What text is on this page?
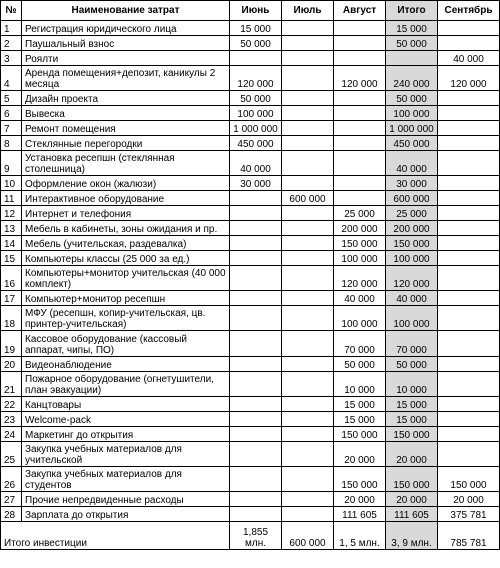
№	Наименование затрат	Июнь	Июль	Август	Итого	Сентябрь
1	Регистрация юридического лица	15 000			15 000	
2	Паушальный взнос	50 000			50 000	
3	Роялти					40 000
4	Аренда помещения+депозит, каникулы 2 месяца	120 000		120 000	240 000	120 000
5	Дизайн проекта	50 000			50 000	
6	Вывеска	100 000			100 000	
7	Ремонт помещения	1 000 000			1 000 000	
8	Стеклянные перегородки	450 000			450 000	
9	Установка ресепшн (стеклянная столешница)	40 000			40 000	
10	Оформление окон (жалюзи)	30 000			30 000	
11	Интерактивное оборудование		600 000		600 000	
12	Интернет и телефония			25 000	25 000	
13	Мебель в кабинеты, зоны ожидания и пр.			200 000	200 000	
14	Мебель (учительская, раздевалка)			150 000	150 000	
15	Компьютеры классы (25 000 за ед.)			100 000	100 000	
16	Компьютеры+монитор учительская (40 000 комплект)			120 000	120 000	
17	Компьютер+монитор ресепшн			40 000	40 000	
18	МФУ (ресепшн, копир-учительская, цв. принтер-учительская)			100 000	100 000	
19	Кассовое оборудование (кассовый аппарат, чипы, ПО)			70 000	70 000	
20	Видеонаблюдение			50 000	50 000	
21	Пожарное оборудование (огнетушители, план эвакуации)			10 000	10 000	
22	Канцтовары			15 000	15 000	
23	Welcome-pack			15 000	15 000	
24	Маркетинг до открытия			150 000	150 000	
25	Закупка учебных материалов для учительской			20 000	20 000	
26	Закупка учебных материалов для студентов			150 000	150 000	150 000
27	Прочие непредвиденные расходы			20 000	20 000	20 000
28	Зарплата до открытия			111 605	111 605	375 781
Итого инвестиции		1,855 млн.	600 000	1, 5 млн.	3, 9 млн.	785 781
